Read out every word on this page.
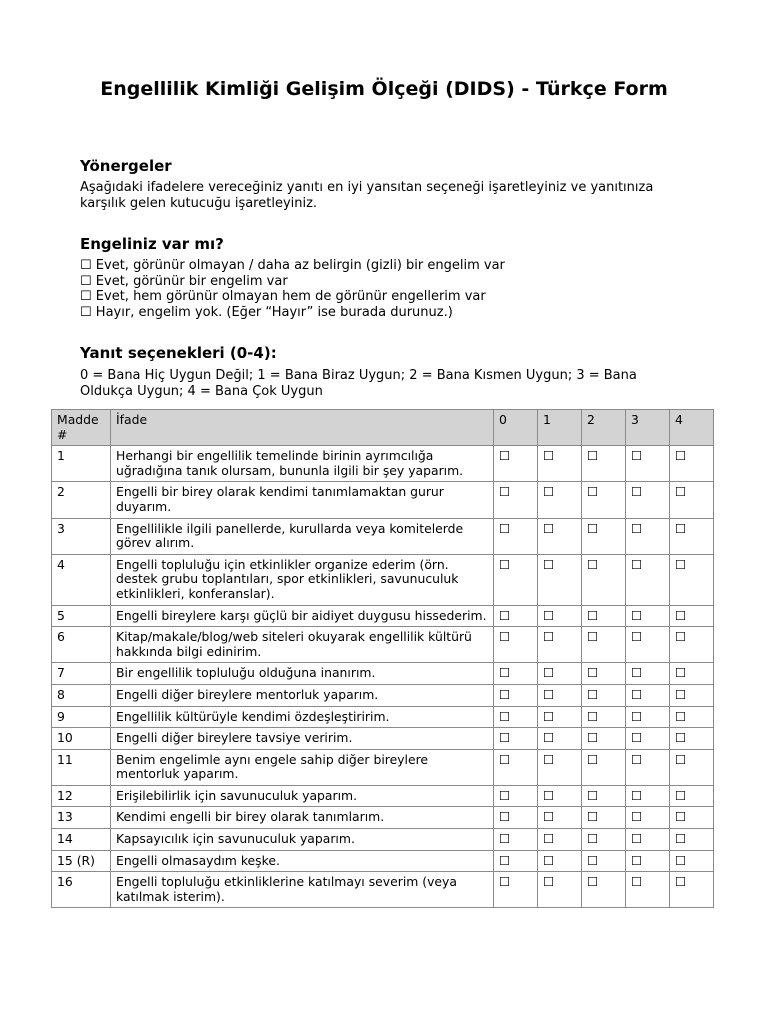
Engellilik Kimliği Gelişim Ölçeği (DIDS) - Türkçe Form
Yönergeler
Aşağıdaki ifadelere vereceğiniz yanıtı en iyi yansıtan seçeneği işaretleyiniz ve yanıtınıza karşılık gelen kutucuğu işaretleyiniz.
Engeliniz var mı?
☐ Evet, görünür olmayan / daha az belirgin (gizli) bir engelim var
☐ Evet, görünür bir engelim var
☐ Evet, hem görünür olmayan hem de görünür engellerim var
☐ Hayır, engelim yok. (Eğer “Hayır” ise burada durunuz.)
Yanıt seçenekleri (0-4):
0 = Bana Hiç Uygun Değil; 1 = Bana Biraz Uygun; 2 = Bana Kısmen Uygun; 3 = Bana Oldukça Uygun; 4 = Bana Çok Uygun
Madde #	İfade	0	1	2	3	4
1	Herhangi bir engellilik temelinde birinin ayrımcılığa uğradığına tanık olursam, bununla ilgili bir şey yaparım.	☐	☐	☐	☐	☐
2	Engelli bir birey olarak kendimi tanımlamaktan gurur duyarım.	☐	☐	☐	☐	☐
3	Engellilikle ilgili panellerde, kurullarda veya komitelerde görev alırım.	☐	☐	☐	☐	☐
4	Engelli topluluğu için etkinlikler organize ederim (örn. destek grubu toplantıları, spor etkinlikleri, savunuculuk etkinlikleri, konferanslar).	☐	☐	☐	☐	☐
5	Engelli bireylere karşı güçlü bir aidiyet duygusu hissederim.	☐	☐	☐	☐	☐
6	Kitap/makale/blog/web siteleri okuyarak engellilik kültürü hakkında bilgi edinirim.	☐	☐	☐	☐	☐
7	Bir engellilik topluluğu olduğuna inanırım.	☐	☐	☐	☐	☐
8	Engelli diğer bireylere mentorluk yaparım.	☐	☐	☐	☐	☐
9	Engellilik kültürüyle kendimi özdeşleştiririm.	☐	☐	☐	☐	☐
10	Engelli diğer bireylere tavsiye veririm.	☐	☐	☐	☐	☐
11	Benim engelimle aynı engele sahip diğer bireylere mentorluk yaparım.	☐	☐	☐	☐	☐
12	Erişilebilirlik için savunuculuk yaparım.	☐	☐	☐	☐	☐
13	Kendimi engelli bir birey olarak tanımlarım.	☐	☐	☐	☐	☐
14	Kapsayıcılık için savunuculuk yaparım.	☐	☐	☐	☐	☐
15 (R)	Engelli olmasaydım keşke.	☐	☐	☐	☐	☐
16	Engelli topluluğu etkinliklerine katılmayı severim (veya katılmak isterim).	☐	☐	☐	☐	☐
